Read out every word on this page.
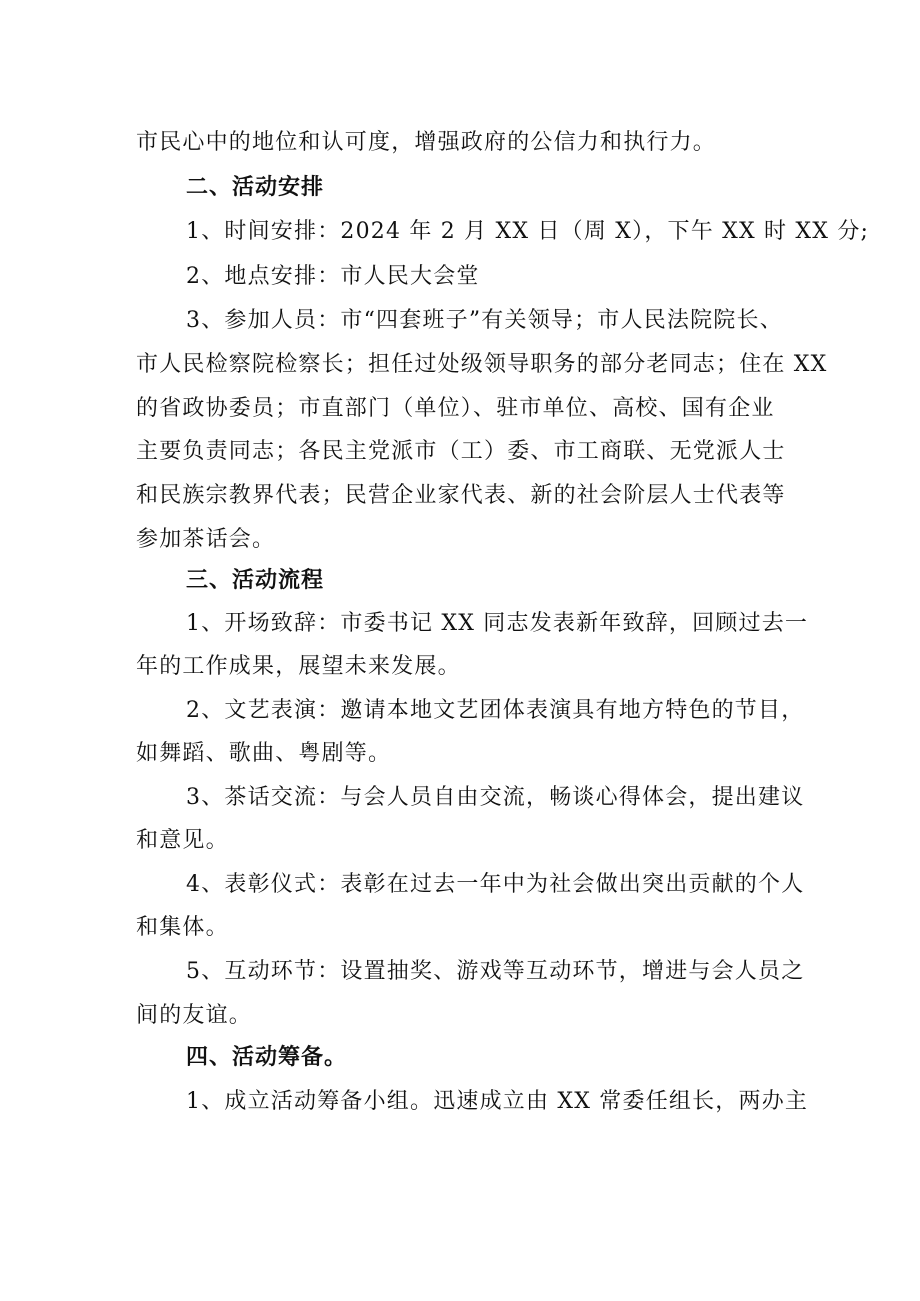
市民心中的地位和认可度，增强政府的公信力和执行力。
二、活动安排
1、时间安排：2024 年 2 月 XX 日（周 X），下午 XX 时 XX 分;
2、地点安排：市人民大会堂
3、参加人员：市“四套班子”有关领导；市人民法院院长、
市人民检察院检察长；担任过处级领导职务的部分老同志；住在 XX
的省政协委员；市直部门（单位）、驻市单位、高校、国有企业
主要负责同志；各民主党派市（工）委、市工商联、无党派人士
和民族宗教界代表；民营企业家代表、新的社会阶层人士代表等
参加茶话会。
三、活动流程
1、开场致辞：市委书记 XX 同志发表新年致辞，回顾过去一
年的工作成果，展望未来发展。
2、文艺表演：邀请本地文艺团体表演具有地方特色的节目，
如舞蹈、歌曲、粤剧等。
3、茶话交流：与会人员自由交流，畅谈心得体会，提出建议
和意见。
4、表彰仪式：表彰在过去一年中为社会做出突出贡献的个人
和集体。
5、互动环节：设置抽奖、游戏等互动环节，增进与会人员之
间的友谊。
四、活动筹备。
1、成立活动筹备小组。迅速成立由 XX 常委任组长，两办主
